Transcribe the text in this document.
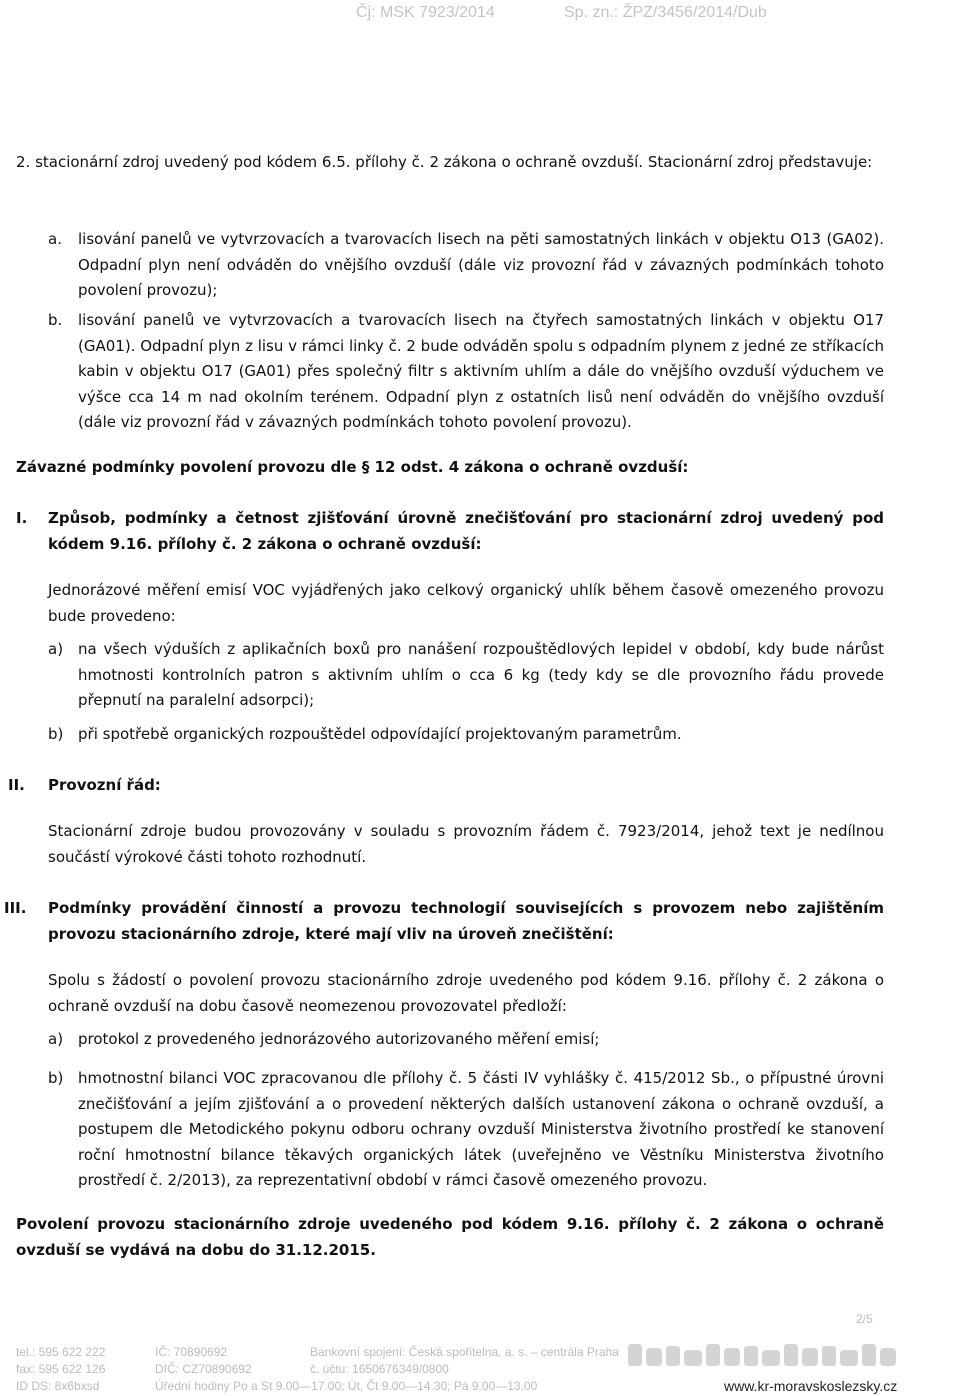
Čj: MSK 7923/2014	Sp. zn.: ŽPZ/3456/2014/Dub
2. stacionární zdroj uvedený pod kódem 6.5. přílohy č. 2 zákona o ochraně ovzduší. Stacionární zdroj představuje:
a. lisování panelů ve vytvrzovacích a tvarovacích lisech na pěti samostatných linkách v objektu O13 (GA02). Odpadní plyn není odváděn do vnějšího ovzduší (dále viz provozní řád v závazných podmínkách tohoto povolení provozu);
b. lisování panelů ve vytvrzovacích a tvarovacích lisech na čtyřech samostatných linkách v objektu O17 (GA01). Odpadní plyn z lisu v rámci linky č. 2 bude odváděn spolu s odpadním plynem z jedné ze stříkacích kabin v objektu O17 (GA01) přes společný filtr s aktivním uhlím a dále do vnějšího ovzduší výduchem ve výšce cca 14 m nad okolním terénem. Odpadní plyn z ostatních lisů není odváděn do vnějšího ovzduší (dále viz provozní řád v závazných podmínkách tohoto povolení provozu).
Závazné podmínky povolení provozu dle § 12 odst. 4 zákona o ochraně ovzduší:
I. Způsob, podmínky a četnost zjišťování úrovně znečišťování pro stacionární zdroj uvedený pod kódem 9.16. přílohy č. 2 zákona o ochraně ovzduší:
Jednorázové měření emisí VOC vyjádřených jako celkový organický uhlík během časově omezeného provozu bude provedeno:
a) na všech výduších z aplikačních boxů pro nanášení rozpouštědlových lepidel v období, kdy bude nárůst hmotnosti kontrolních patron s aktivním uhlím o cca 6 kg (tedy kdy se dle provozního řádu provede přepnutí na paralelní adsorpci);
b) při spotřebě organických rozpouštědel odpovídající projektovaným parametrům.
II. Provozní řád:
Stacionární zdroje budou provozovány v souladu s provozním řádem č. 7923/2014, jehož text je nedílnou součástí výrokové části tohoto rozhodnutí.
III. Podmínky provádění činností a provozu technologií souvisejících s provozem nebo zajištěním provozu stacionárního zdroje, které mají vliv na úroveň znečištění:
Spolu s žádostí o povolení provozu stacionárního zdroje uvedeného pod kódem 9.16. přílohy č. 2 zákona o ochraně ovzduší na dobu časově neomezenou provozovatel předloží:
a) protokol z provedeného jednorázového autorizovaného měření emisí;
b) hmotnostní bilanci VOC zpracovanou dle přílohy č. 5 části IV vyhlášky č. 415/2012 Sb., o přípustné úrovni znečišťování a jejím zjišťování a o provedení některých dalších ustanovení zákona o ochraně ovzduší, a postupem dle Metodického pokynu odboru ochrany ovzduší Ministerstva životního prostředí ke stanovení roční hmotnostní bilance těkavých organických látek (uveřejněno ve Věstníku Ministerstva životního prostředí č. 2/2013), za reprezentativní období v rámci časově omezeného provozu.
Povolení provozu stacionárního zdroje uvedeného pod kódem 9.16. přílohy č. 2 zákona o ochraně ovzduší se vydává na dobu do 31.12.2015.
2/5
tel.: 595 622 222
fax: 595 622 126
ID DS: 8x6bxsd
IČ: 70890692
DIČ: CZ70890692
Úřední hodiny Po a St 9.00—17.00; Út, Čt 9.00—14.30; Pá 9.00—13.00
Bankovní spojení: Česká spořitelna, a. s. – centrála Praha
č. účtu: 1650676349/0800
www.kr-moravskoslezsky.cz
